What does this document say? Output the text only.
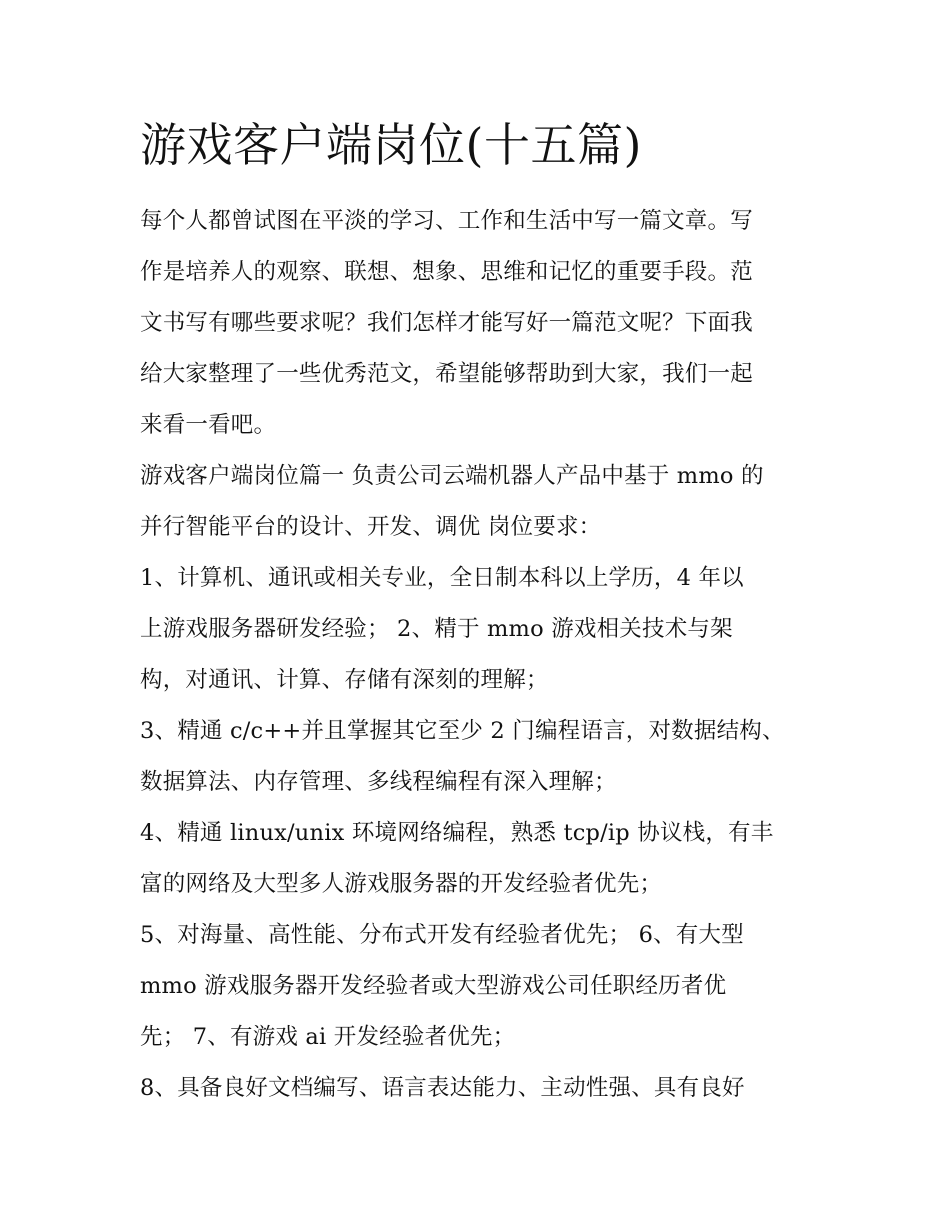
游戏客户端岗位(十五篇)
每个人都曾试图在平淡的学习、工作和生活中写一篇文章。写
作是培养人的观察、联想、想象、思维和记忆的重要手段。范
文书写有哪些要求呢？我们怎样才能写好一篇范文呢？下面我
给大家整理了一些优秀范文，希望能够帮助到大家，我们一起
来看一看吧。
游戏客户端岗位篇一 负责公司云端机器人产品中基于 mmo 的
并行智能平台的设计、开发、调优 岗位要求：
1、计算机、通讯或相关专业，全日制本科以上学历，4 年以
上游戏服务器研发经验； 2、精于 mmo 游戏相关技术与架
构，对通讯、计算、存储有深刻的理解；
3、精通 c/c++并且掌握其它至少 2 门编程语言，对数据结构、
数据算法、内存管理、多线程编程有深入理解；
4、精通 linux/unix 环境网络编程，熟悉 tcp/ip 协议栈，有丰
富的网络及大型多人游戏服务器的开发经验者优先；
5、对海量、高性能、分布式开发有经验者优先； 6、有大型
mmo 游戏服务器开发经验者或大型游戏公司任职经历者优
先； 7、有游戏 ai 开发经验者优先；
8、具备良好文档编写、语言表达能力、主动性强、具有良好
